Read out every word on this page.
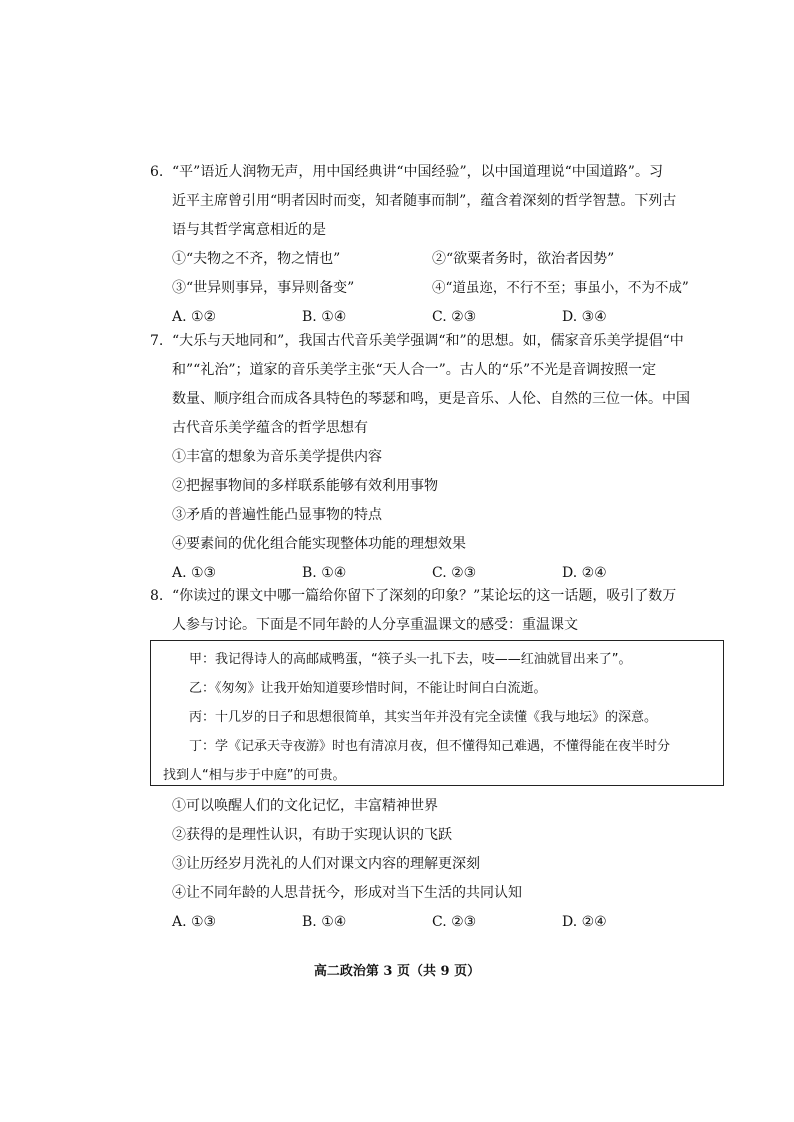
6. “平”语近人润物无声，用中国经典讲“中国经验”，以中国道理说“中国道路”。习
近平主席曾引用“明者因时而变，知者随事而制”，蕴含着深刻的哲学智慧。下列古
语与其哲学寓意相近的是
①“夫物之不齐，物之情也”	②“欲粟者务时，欲治者因势”
③“世异则事异，事异则备变”	④“道虽迩，不行不至；事虽小，不为不成”
A. ①②	B. ①④	C. ②③	D. ③④
7. “大乐与天地同和”，我国古代音乐美学强调“和”的思想。如，儒家音乐美学提倡“中
和”“礼治”；道家的音乐美学主张“天人合一”。古人的“乐”不光是音调按照一定
数量、顺序组合而成各具特色的琴瑟和鸣，更是音乐、人伦、自然的三位一体。中国
古代音乐美学蕴含的哲学思想有
①丰富的想象为音乐美学提供内容
②把握事物间的多样联系能够有效利用事物
③矛盾的普遍性能凸显事物的特点
④要素间的优化组合能实现整体功能的理想效果
A. ①③	B. ①④	C. ②③	D. ②④
8. “你读过的课文中哪一篇给你留下了深刻的印象？”某论坛的这一话题，吸引了数万
人参与讨论。下面是不同年龄的人分享重温课文的感受：重温课文

甲：我记得诗人的高邮咸鸭蛋，“筷子头一扎下去，吱——红油就冒出来了”。

乙：《匆匆》让我开始知道要珍惜时间，不能让时间白白流逝。

丙：十几岁的日子和思想很简单，其实当年并没有完全读懂《我与地坛》的深意。

丁：学《记承天寺夜游》时也有清凉月夜，但不懂得知己难遇，不懂得能在夜半时分

找到人“相与步于中庭”的可贵。

①可以唤醒人们的文化记忆，丰富精神世界
②获得的是理性认识，有助于实现认识的飞跃
③让历经岁月洗礼的人们对课文内容的理解更深刻
④让不同年龄的人思昔抚今，形成对当下生活的共同认知
A. ①③	B. ①④	C. ②③	D. ②④
高二政治第 3 页（共 9 页）
